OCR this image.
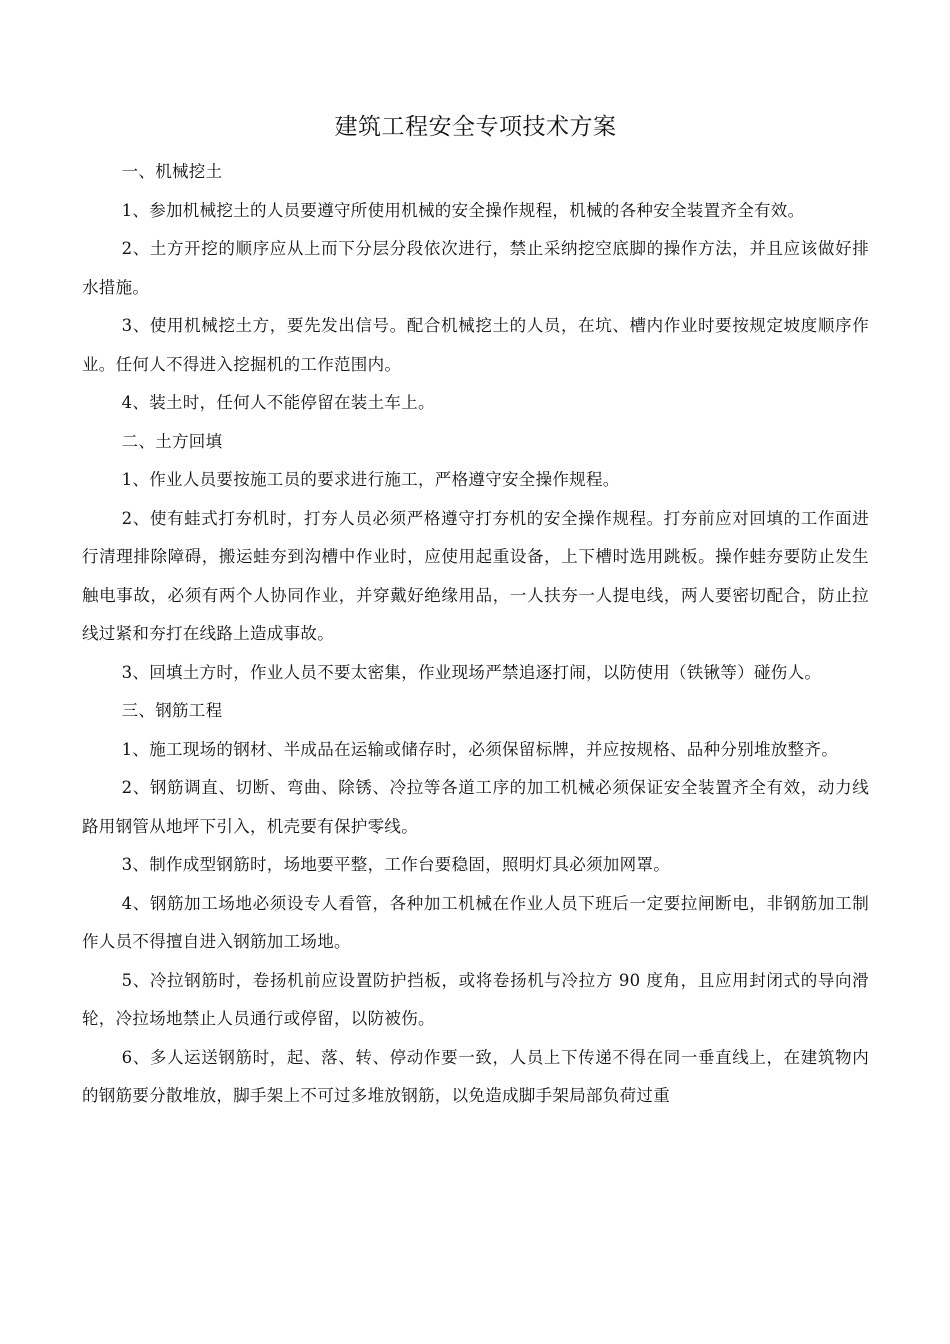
建筑工程安全专项技术方案

一、机械挖土

1、参加机械挖土的人员要遵守所使用机械的安全操作规程，机械的各种安全装置齐全有效。

2、土方开挖的顺序应从上而下分层分段依次进行，禁止采纳挖空底脚的操作方法，并且应该做好排水措施。

3、使用机械挖土方，要先发出信号。配合机械挖土的人员，在坑、槽内作业时要按规定坡度顺序作业。任何人不得进入挖掘机的工作范围内。

4、装土时，任何人不能停留在装土车上。

二、土方回填

1、作业人员要按施工员的要求进行施工，严格遵守安全操作规程。

2、使有蛙式打夯机时，打夯人员必须严格遵守打夯机的安全操作规程。打夯前应对回填的工作面进行清理排除障碍，搬运蛙夯到沟槽中作业时，应使用起重设备，上下槽时选用跳板。操作蛙夯要防止发生触电事故，必须有两个人协同作业，并穿戴好绝缘用品，一人扶夯一人提电线，两人要密切配合，防止拉线过紧和夯打在线路上造成事故。

3、回填土方时，作业人员不要太密集，作业现场严禁追逐打闹，以防使用（铁锹等）碰伤人。

三、钢筋工程

1、施工现场的钢材、半成品在运输或储存时，必须保留标牌，并应按规格、品种分别堆放整齐。

2、钢筋调直、切断、弯曲、除锈、冷拉等各道工序的加工机械必须保证安全装置齐全有效，动力线路用钢管从地坪下引入，机壳要有保护零线。

3、制作成型钢筋时，场地要平整，工作台要稳固，照明灯具必须加网罩。

4、钢筋加工场地必须设专人看管，各种加工机械在作业人员下班后一定要拉闸断电，非钢筋加工制作人员不得擅自进入钢筋加工场地。

5、冷拉钢筋时，卷扬机前应设置防护挡板，或将卷扬机与冷拉方 90 度角，且应用封闭式的导向滑轮，冷拉场地禁止人员通行或停留，以防被伤。

6、多人运送钢筋时，起、落、转、停动作要一致，人员上下传递不得在同一垂直线上，在建筑物内的钢筋要分散堆放，脚手架上不可过多堆放钢筋，以免造成脚手架局部负荷过重
